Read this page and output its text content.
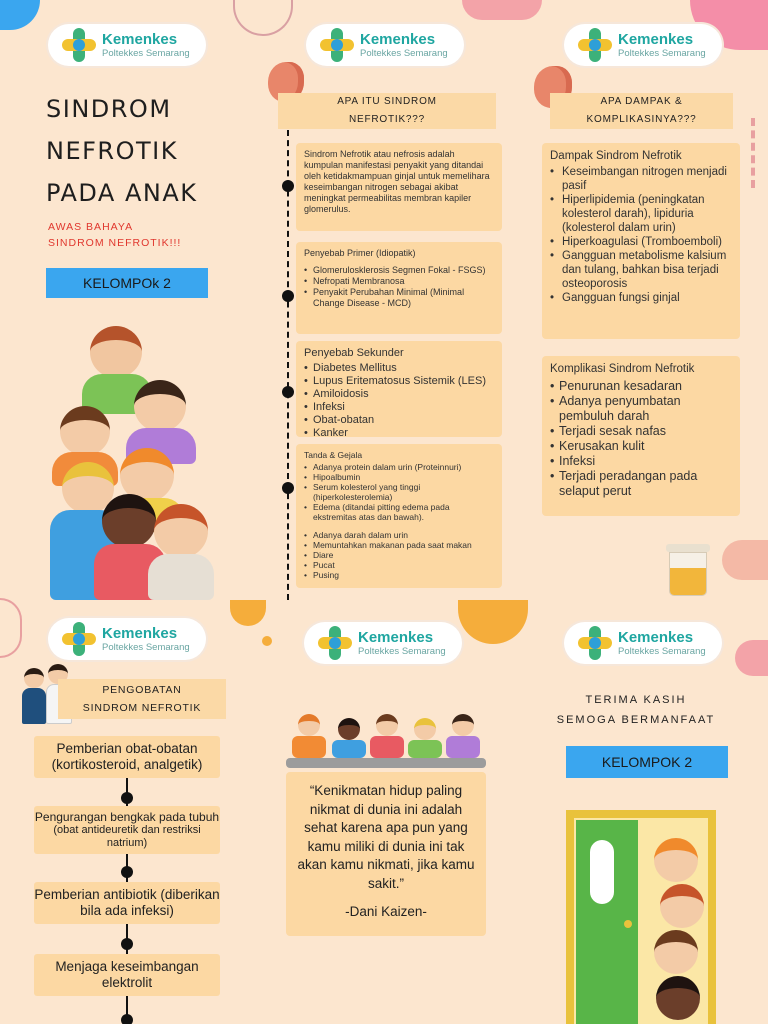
Kemenkes
Poltekkes Semarang
Kemenkes
Poltekkes Semarang
Kemenkes
Poltekkes Semarang
Kemenkes
Poltekkes Semarang
Kemenkes
Poltekkes Semarang
Kemenkes
Poltekkes Semarang
SINDROM
NEFROTIK
PADA ANAK
AWAS BAHAYA
SINDROM NEFROTIK!!!
KELOMPOk 2
APA ITU SINDROM
NEFROTIK???
Sindrom Nefrotik atau nefrosis adalah kumpulan manifestasi penyakit yang ditandai oleh ketidakmampuan ginjal untuk memelihara keseimbangan nitrogen sebagai akibat meningkat permeabilitas membran kapiler glomerulus.
Penyebab Primer (Idiopatik)
• Glomerulosklerosis Segmen Fokal - FSGS)
• Nefropati Membranosa
• Penyakit Perubahan Minimal (Minimal Change Disease - MCD)
Penyebab Sekunder
• Diabetes Mellitus
• Lupus Eritematosus Sistemik (LES)
• Amiloidosis
• Infeksi
• Obat-obatan
• Kanker
Tanda & Gejala
• Adanya protein dalam urin (Proteinnuri)
• Hipoalbumin
• Serum kolesterol yang tinggi (hiperkolesterolemia)
• Edema (ditandai pitting edema pada ekstremitas atas dan bawah).
• Adanya darah dalam urin
• Memuntahkan makanan pada saat makan
• Diare
• Pucat
• Pusing
APA DAMPAK &
KOMPLIKASINYA???
Dampak Sindrom Nefrotik
• Keseimbangan nitrogen menjadi pasif
• Hiperlipidemia (peningkatan kolesterol darah), lipiduria (kolesterol dalam urin)
• Hiperkoagulasi (Tromboemboli)
• Gangguan metabolisme kalsium dan tulang, bahkan bisa terjadi osteoporosis
• Gangguan fungsi ginjal
Komplikasi Sindrom Nefrotik
• Penurunan kesadaran
• Adanya penyumbatan pembuluh darah
• Terjadi sesak nafas
• Kerusakan kulit
• Infeksi
• Terjadi peradangan pada selaput perut
PENGOBATAN
SINDROM NEFROTIK
Pemberian obat-obatan (kortikosteroid, analgetik)
Pengurangan bengkak pada tubuh
(obat antideuretik dan restriksi natrium)
Pemberian antibiotik (diberikan bila ada infeksi)
Menjaga keseimbangan elektrolit
“Kenikmatan hidup paling nikmat di dunia ini adalah sehat karena apa pun yang kamu miliki di dunia ini tak akan kamu nikmati, jika kamu sakit.”
-Dani Kaizen-
TERIMA KASIH
SEMOGA BERMANFAAT
KELOMPOK 2
